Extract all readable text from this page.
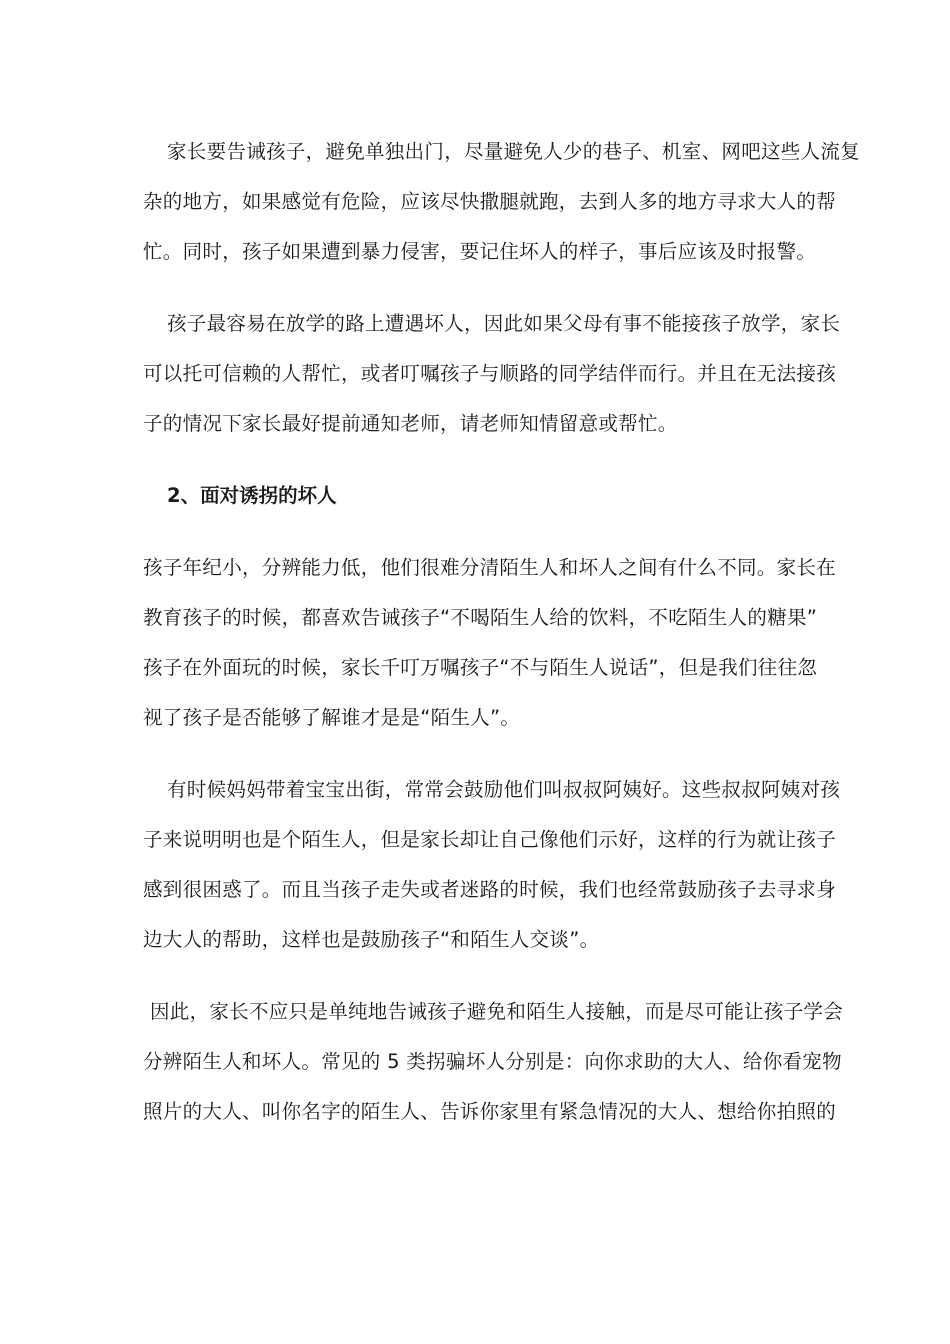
家长要告诫孩子，避免单独出门，尽量避免人少的巷子、机室、网吧这些人流复
杂的地方，如果感觉有危险，应该尽快撒腿就跑，去到人多的地方寻求大人的帮
忙。同时，孩子如果遭到暴力侵害，要记住坏人的样子，事后应该及时报警。
孩子最容易在放学的路上遭遇坏人，因此如果父母有事不能接孩子放学，家长
可以托可信赖的人帮忙，或者叮嘱孩子与顺路的同学结伴而行。并且在无法接孩
子的情况下家长最好提前通知老师，请老师知情留意或帮忙。
2、面对诱拐的坏人
孩子年纪小，分辨能力低，他们很难分清陌生人和坏人之间有什么不同。家长在
教育孩子的时候，都喜欢告诫孩子“不喝陌生人给的饮料，不吃陌生人的糖果”
孩子在外面玩的时候，家长千叮万嘱孩子“不与陌生人说话”，但是我们往往忽
视了孩子是否能够了解谁才是是“陌生人”。
有时候妈妈带着宝宝出街，常常会鼓励他们叫叔叔阿姨好。这些叔叔阿姨对孩
子来说明明也是个陌生人，但是家长却让自己像他们示好，这样的行为就让孩子
感到很困惑了。而且当孩子走失或者迷路的时候，我们也经常鼓励孩子去寻求身
边大人的帮助，这样也是鼓励孩子“和陌生人交谈”。
因此，家长不应只是单纯地告诫孩子避免和陌生人接触，而是尽可能让孩子学会
分辨陌生人和坏人。常见的 5 类拐骗坏人分别是：向你求助的大人、给你看宠物
照片的大人、叫你名字的陌生人、告诉你家里有紧急情况的大人、想给你拍照的
